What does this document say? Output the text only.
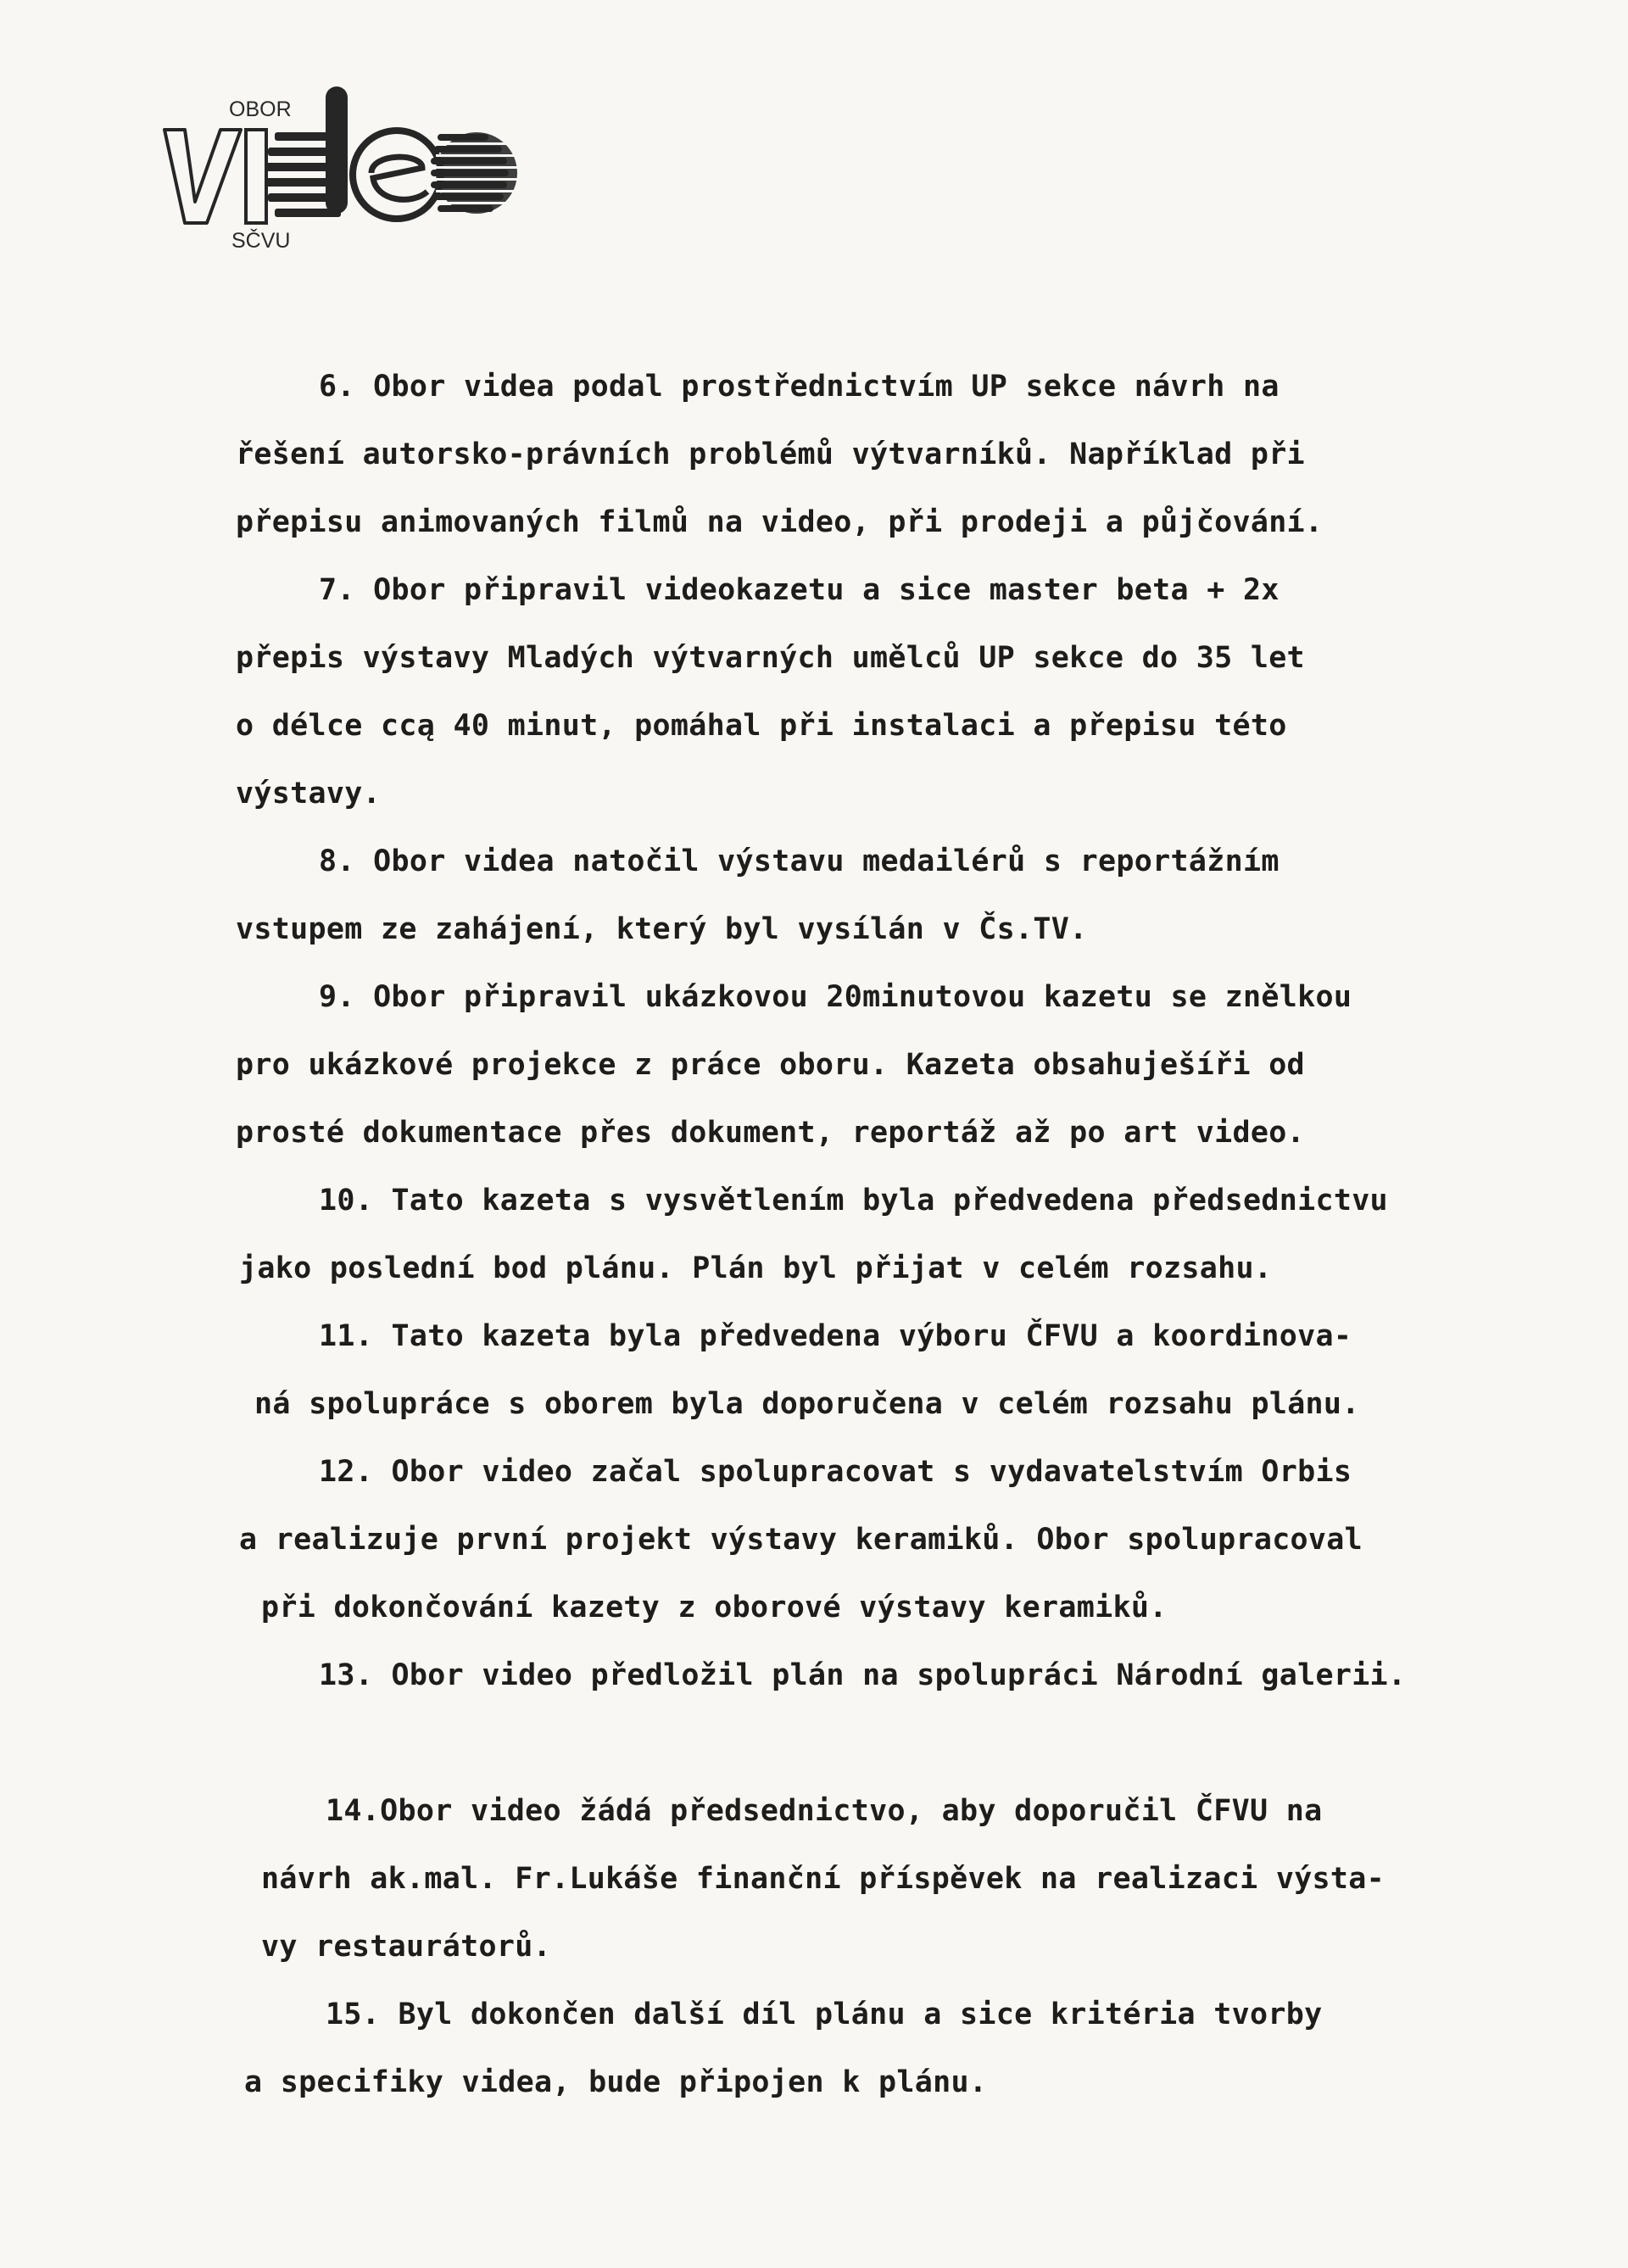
OBOR
SČVU

6. Obor videa podal prostřednictvím UP sekce návrh na

řešení autorsko-právních problémů výtvarníků. Například při

přepisu animovaných filmů na video, při prodeji a půjčování.

7. Obor připravil videokazetu a sice master beta + 2x

přepis výstavy Mladých výtvarných umělců UP sekce do 35 let

o délce ccą 40 minut, pomáhal při instalaci a přepisu této

výstavy.

8. Obor videa natočil výstavu medailérů s reportážním

vstupem ze zahájení, který byl vysílán v Čs.TV.

9. Obor připravil ukázkovou 20minutovou kazetu se znělkou

pro ukázkové projekce z práce oboru. Kazeta obsahuješíři od

prosté dokumentace přes dokument, reportáž až po art video.

10. Tato kazeta s vysvětlením byla předvedena předsednictvu

jako poslední bod plánu. Plán byl přijat v celém rozsahu.

11. Tato kazeta byla předvedena výboru ČFVU a koordinova-

ná spolupráce s oborem byla doporučena v celém rozsahu plánu.

12. Obor video začal spolupracovat s vydavatelstvím Orbis

a realizuje první projekt výstavy keramiků. Obor spolupracoval

při dokončování kazety z oborové výstavy keramiků.

13. Obor video předložil plán na spolupráci Národní galerii.

14.Obor video žádá předsednictvo, aby doporučil ČFVU na

návrh ak.mal. Fr.Lukáše finanční příspěvek na realizaci výsta-

vy restaurátorů.

15. Byl dokončen další díl plánu a sice kritéria tvorby

a specifiky videa, bude připojen k plánu.
